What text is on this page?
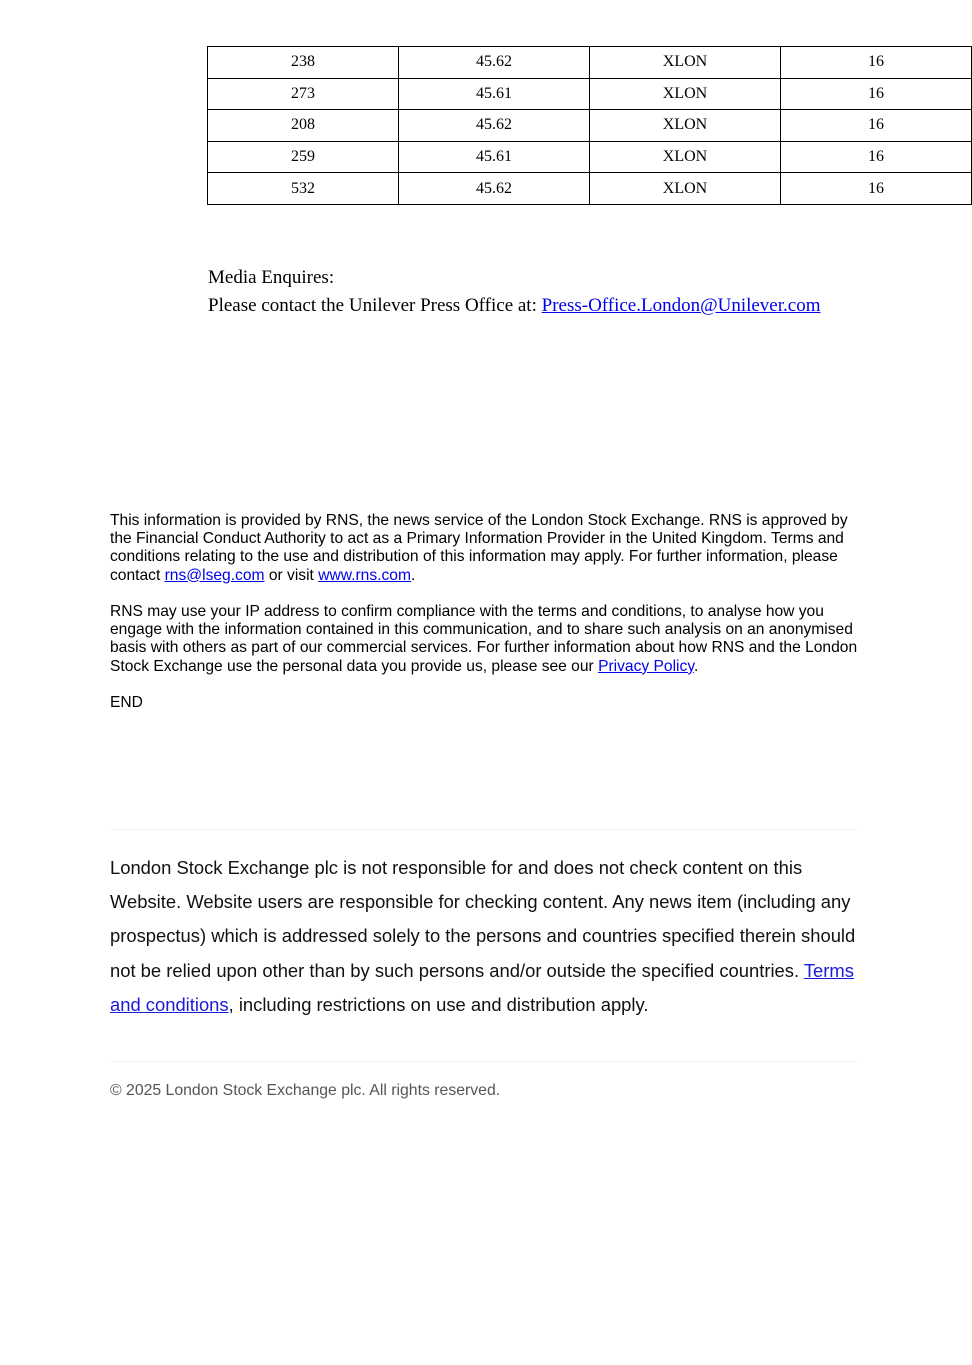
238	45.62	XLON	16
273	45.61	XLON	16
208	45.62	XLON	16
259	45.61	XLON	16
532	45.62	XLON	16
Media Enquires:
Please contact the Unilever Press Office at: Press-Office.London@Unilever.com

This information is provided by RNS, the news service of the London Stock Exchange. RNS is approved by the Financial Conduct Authority to act as a Primary Information Provider in the United Kingdom. Terms and conditions relating to the use and distribution of this information may apply. For further information, please contact rns@lseg.com or visit www.rns.com.

RNS may use your IP address to confirm compliance with the terms and conditions, to analyse how you engage with the information contained in this communication, and to share such analysis on an anonymised basis with others as part of our commercial services. For further information about how RNS and the London Stock Exchange use the personal data you provide us, please see our Privacy Policy.

END

London Stock Exchange plc is not responsible for and does not check content on this Website. Website users are responsible for checking content. Any news item (including any prospectus) which is addressed solely to the persons and countries specified therein should not be relied upon other than by such persons and/or outside the specified countries. Terms and conditions, including restrictions on use and distribution apply.
© 2025 London Stock Exchange plc. All rights reserved.
